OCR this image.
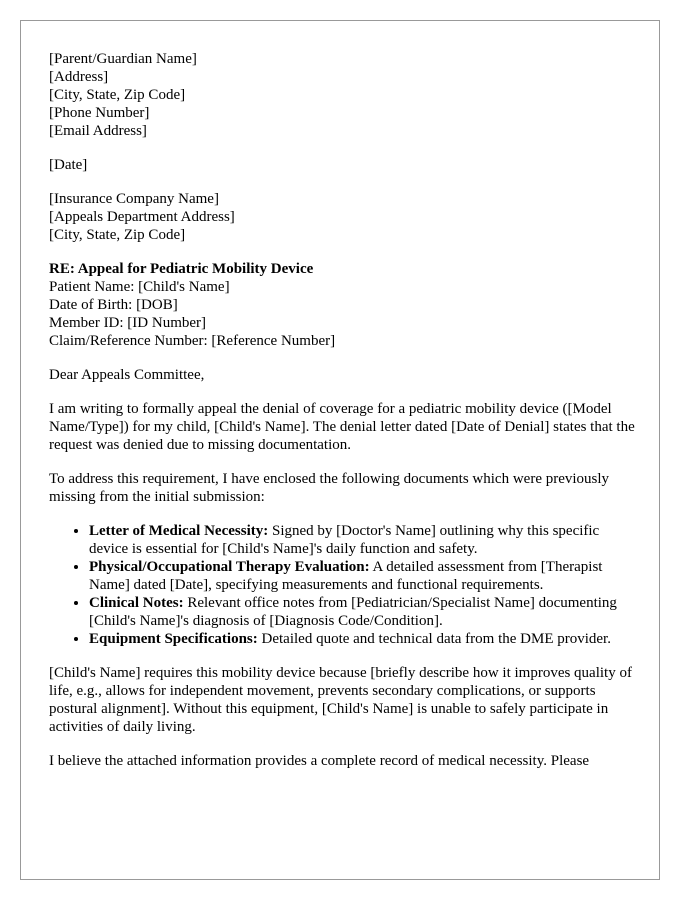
[Parent/Guardian Name]
[Address]
[City, State, Zip Code]
[Phone Number]
[Email Address]
[Date]
[Insurance Company Name]
[Appeals Department Address]
[City, State, Zip Code]
RE: Appeal for Pediatric Mobility Device
Patient Name: [Child's Name]
Date of Birth: [DOB]
Member ID: [ID Number]
Claim/Reference Number: [Reference Number]

Dear Appeals Committee,

I am writing to formally appeal the denial of coverage for a pediatric mobility device ([Model Name/Type]) for my child, [Child's Name]. The denial letter dated [Date of Denial] states that the request was denied due to missing documentation.

To address this requirement, I have enclosed the following documents which were previously missing from the initial submission:

• Letter of Medical Necessity: Signed by [Doctor's Name] outlining why this specific device is essential for [Child's Name]'s daily function and safety.
• Physical/Occupational Therapy Evaluation: A detailed assessment from [Therapist Name] dated [Date], specifying measurements and functional requirements.
• Clinical Notes: Relevant office notes from [Pediatrician/Specialist Name] documenting [Child's Name]'s diagnosis of [Diagnosis Code/Condition].
• Equipment Specifications: Detailed quote and technical data from the DME provider.

[Child's Name] requires this mobility device because [briefly describe how it improves quality of life, e.g., allows for independent movement, prevents secondary complications, or supports postural alignment]. Without this equipment, [Child's Name] is unable to safely participate in activities of daily living.

I believe the attached information provides a complete record of medical necessity. Please
